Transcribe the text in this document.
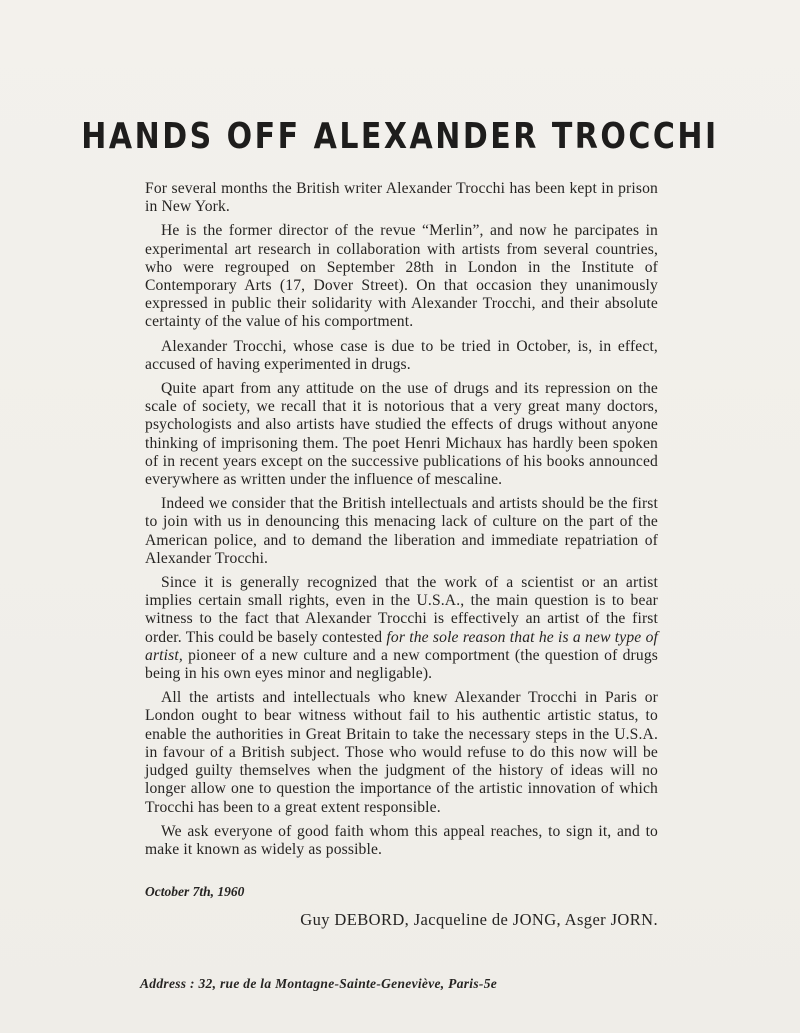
HANDS OFF ALEXANDER TROCCHI

For several months the British writer Alexander Trocchi has been kept in prison in New York.

He is the former director of the revue “Merlin”, and now he parcipates in experimental art research in collaboration with artists from several countries, who were regrouped on September 28th in London in the Institute of Contemporary Arts (17, Dover Street). On that occasion they unanimously expressed in public their solidarity with Alexander Trocchi, and their absolute certainty of the value of his comportment.

Alexander Trocchi, whose case is due to be tried in October, is, in effect, accused of having experimented in drugs.

Quite apart from any attitude on the use of drugs and its repression on the scale of society, we recall that it is notorious that a very great many doctors, psychologists and also artists have studied the effects of drugs without anyone thinking of imprisoning them. The poet Henri Michaux has hardly been spoken of in recent years except on the successive publications of his books announced everywhere as written under the influence of mescaline.

Indeed we consider that the British intellectuals and artists should be the first to join with us in denouncing this menacing lack of culture on the part of the American police, and to demand the liberation and immediate repatriation of Alexander Trocchi.

Since it is generally recognized that the work of a scientist or an artist implies certain small rights, even in the U.S.A., the main question is to bear witness to the fact that Alexander Trocchi is effectively an artist of the first order. This could be basely contested for the sole reason that he is a new type of artist, pioneer of a new culture and a new comportment (the question of drugs being in his own eyes minor and negligable).

All the artists and intellectuals who knew Alexander Trocchi in Paris or London ought to bear witness without fail to his authentic artistic status, to enable the authorities in Great Britain to take the necessary steps in the U.S.A. in favour of a British subject. Those who would refuse to do this now will be judged guilty themselves when the judgment of the history of ideas will no longer allow one to question the importance of the artistic innovation of which Trocchi has been to a great extent responsible.

We ask everyone of good faith whom this appeal reaches, to sign it, and to make it known as widely as possible.

October 7th, 1960
Guy DEBORD, Jacqueline de JONG, Asger JORN.
Address : 32, rue de la Montagne-Sainte-Geneviève, Paris-5e
